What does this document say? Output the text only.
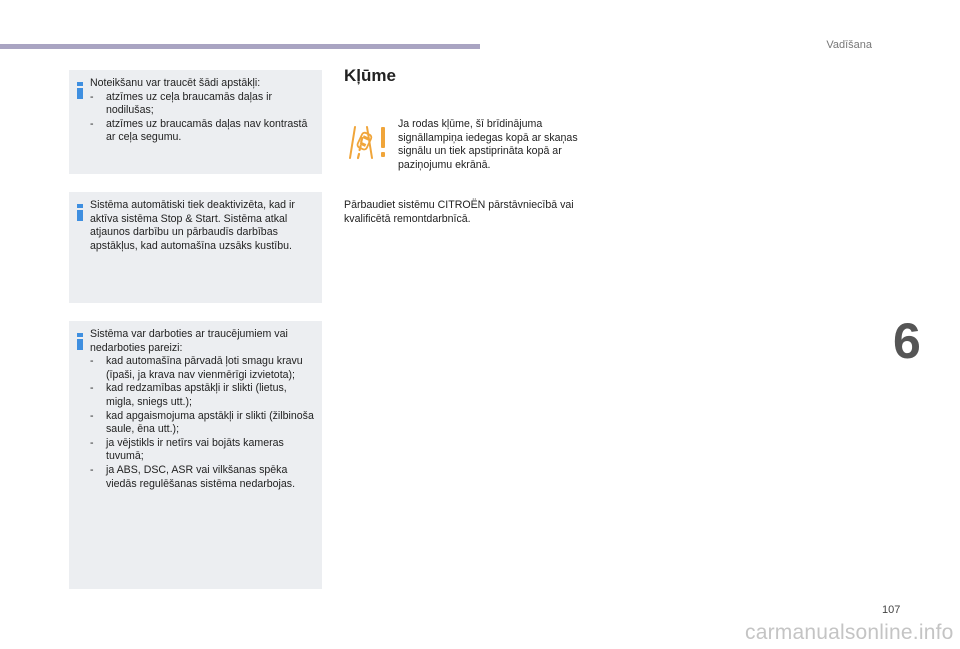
Vadīšana

Noteikšanu var traucēt šādi apstākļi:

- atzīmes uz ceļa braucamās daļas ir nodilušas;
- atzīmes uz braucamās daļas nav kontrastā ar ceļa segumu.

Sistēma automātiski tiek deaktivizēta, kad ir aktīva sistēma Stop & Start. Sistēma atkal atjaunos darbību un pārbaudīs darbības apstākļus, kad automašīna uzsāks kustību.

Sistēma var darboties ar traucējumiem vai nedarboties pareizi:

- kad automašīna pārvadā ļoti smagu kravu (īpaši, ja krava nav vienmērīgi izvietota);
- kad redzamības apstākļi ir slikti (lietus, migla, sniegs utt.);
- kad apgaismojuma apstākļi ir slikti (žilbinoša saule, ēna utt.);
- ja vējstikls ir netīrs vai bojāts kameras tuvumā;
- ja ABS, DSC, ASR vai vilkšanas spēka viedās regulēšanas sistēma nedarbojas.
Kļūme

Ja rodas kļūme, šī brīdinājuma signāllampiņa iedegas kopā ar skaņas signālu un tiek apstiprināta kopā ar paziņojumu ekrānā.

Pārbaudiet sistēmu CITROËN pārstāvniecībā vai kvalificētā remontdarbnīcā.

6
107
carmanualsonline.info
